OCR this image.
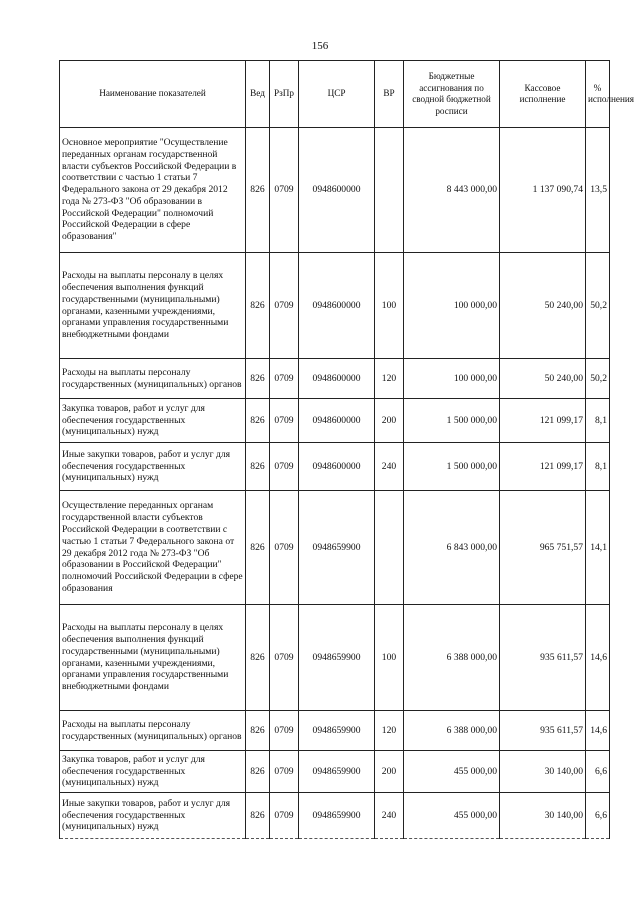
156
Наименование показателей	Вед	РзПр	ЦСР	ВР	Бюджетные ассигнования по сводной бюджетной росписи	Кассовое исполнение	% исполнения
Основное мероприятие "Осуществление переданных органам государственной власти субъектов Российской Федерации в соответствии с частью 1 статьи 7 Федерального закона от 29 декабря 2012 года № 273-ФЗ "Об образовании в Российской Федерации" полномочий Российской Федерации в сфере образования"	826	0709	0948600000		8 443 000,00	1 137 090,74	13,5
Расходы на выплаты персоналу в целях обеспечения выполнения функций государственными (муниципальными) органами, казенными учреждениями, органами управления государственными внебюджетными фондами	826	0709	0948600000	100	100 000,00	50 240,00	50,2
Расходы на выплаты персоналу государственных (муниципальных) органов	826	0709	0948600000	120	100 000,00	50 240,00	50,2
Закупка товаров, работ и услуг для обеспечения государственных (муниципальных) нужд	826	0709	0948600000	200	1 500 000,00	121 099,17	8,1
Иные закупки товаров, работ и услуг для обеспечения государственных (муниципальных) нужд	826	0709	0948600000	240	1 500 000,00	121 099,17	8,1
Осуществление переданных органам государственной власти субъектов Российской Федерации в соответствии с частью 1 статьи 7 Федерального закона от 29 декабря 2012 года № 273-ФЗ "Об образовании в Российской Федерации" полномочий Российской Федерации в сфере образования	826	0709	0948659900		6 843 000,00	965 751,57	14,1
Расходы на выплаты персоналу в целях обеспечения выполнения функций государственными (муниципальными) органами, казенными учреждениями, органами управления государственными внебюджетными фондами	826	0709	0948659900	100	6 388 000,00	935 611,57	14,6
Расходы на выплаты персоналу государственных (муниципальных) органов	826	0709	0948659900	120	6 388 000,00	935 611,57	14,6
Закупка товаров, работ и услуг для обеспечения государственных (муниципальных) нужд	826	0709	0948659900	200	455 000,00	30 140,00	6,6
Иные закупки товаров, работ и услуг для обеспечения государственных (муниципальных) нужд	826	0709	0948659900	240	455 000,00	30 140,00	6,6
